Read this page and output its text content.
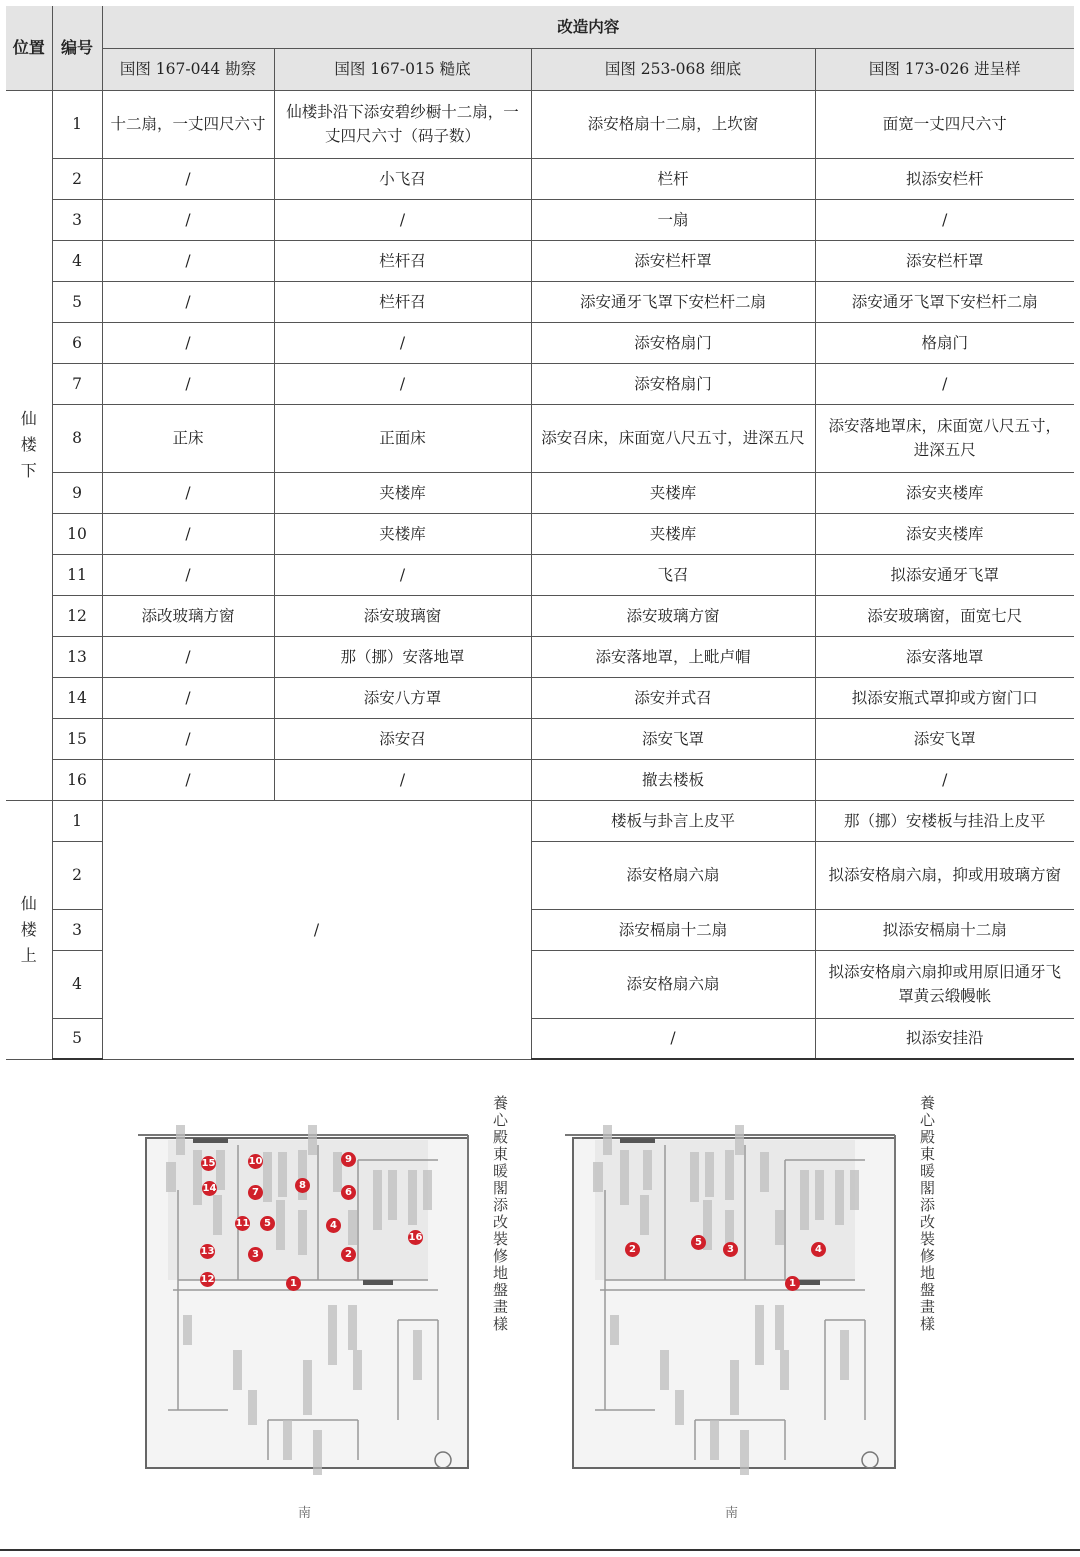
位置	编号	改造内容			
		国图 167-044 勘察	国图 167-015 糙底	国图 253-068 细底	国图 173-026 进呈样
仙
楼
下	1	十二扇，一丈四尺六寸	仙楼卦沿下添安碧纱橱十二扇，一丈四尺六寸（码子数）	添安格扇十二扇，上坎窗	面宽一丈四尺六寸
	2	/	小飞召	栏杆	拟添安栏杆
	3	/	/	一扇	/
	4	/	栏杆召	添安栏杆罩	添安栏杆罩
	5	/	栏杆召	添安通牙飞罩下安栏杆二扇	添安通牙飞罩下安栏杆二扇
	6	/	/	添安格扇门	格扇门
	7	/	/	添安格扇门	/
	8	正床	正面床	添安召床，床面宽八尺五寸，进深五尺	添安落地罩床，床面宽八尺五寸，进深五尺
	9	/	夹楼库	夹楼库	添安夹楼库
	10	/	夹楼库	夹楼库	添安夹楼库
	11	/	/	飞召	拟添安通牙飞罩
	12	添改玻璃方窗	添安玻璃窗	添安玻璃方窗	添安玻璃窗，面宽七尺
	13	/	那（挪）安落地罩	添安落地罩，上毗卢帽	添安落地罩
	14	/	添安八方罩	添安并式召	拟添安瓶式罩抑或方窗门口
	15	/	添安召	添安飞罩	添安飞罩
	16	/	/	撤去楼板	/
仙
楼
上	1	/		楼板与卦言上皮平	那（挪）安楼板与挂沿上皮平
	2			添安格扇六扇	拟添安格扇六扇，抑或用玻璃方窗
	3			添安槅扇十二扇	拟添安槅扇十二扇
	4			添安格扇六扇	拟添安格扇六扇抑或用原旧通牙飞罩黄云缎幔帐
	5			/	拟添安挂沿
養心殿東暖閣添改裝修地盤畫樣
15	10	9
14	7
8
6
11	5	4
16
3	2
13
12	1
南
養心殿東暖閣添改裝修地盤畫樣
2
5
3	4
1
南
